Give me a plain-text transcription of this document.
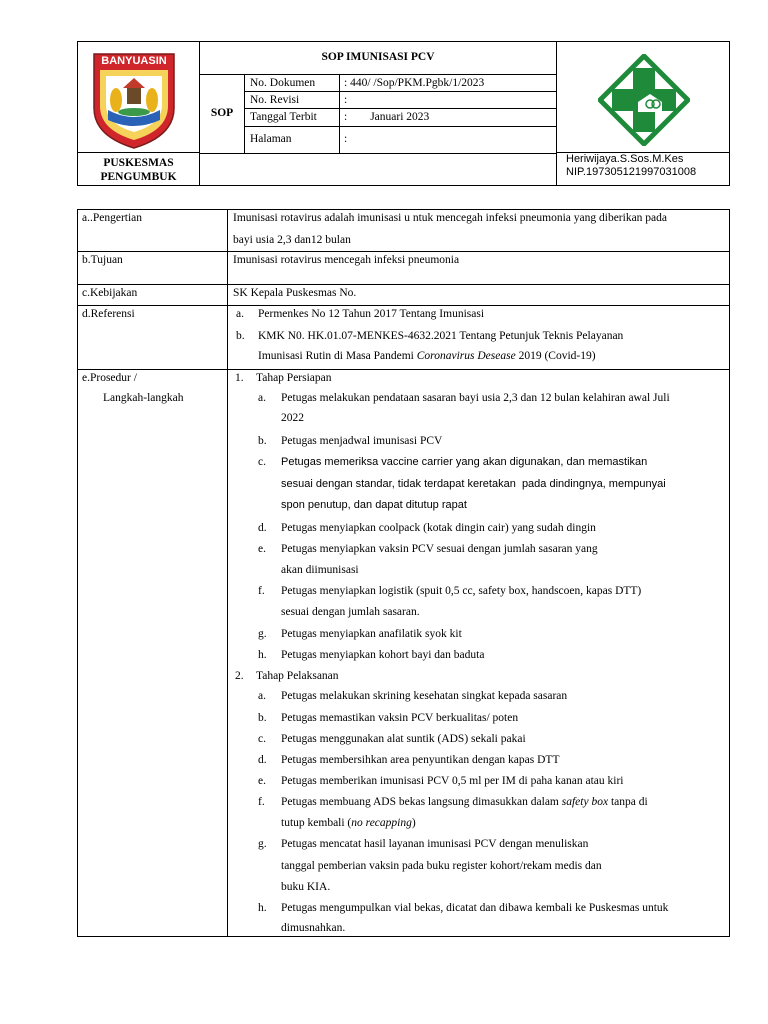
BANYUASIN
PUSKESMAS
PENGUMBUK
SOP IMUNISASI PCV
SOP
No. Dokumen	: 440/ /Sop/PKM.Pgbk/1/2023
No. Revisi	:
Tanggal Terbit :        Januari 2023
Halaman	:
Heriwijaya.S.Sos.M.Kes
NIP.197305121997031008
a..Pengertian	Imunisasi rotavirus adalah imunisasi u ntuk mencegah infeksi pneumonia yang diberikan pada
bayi usia 2,3 dan12 bulan
b.Tujuan	Imunisasi rotavirus mencegah infeksi pneumonia
c.Kebijakan	SK Kepala Puskesmas No.
d.Referensi	a. Permenkes No 12 Tahun 2017 Tentang Imunisasi
b. KMK N0. HK.01.07-MENKES-4632.2021 Tentang Petunjuk Teknis Pelayanan
Imunisasi Rutin di Masa Pandemi Coronavirus Desease 2019 (Covid-19)
e.Prosedur /
Langkah-langkah
1. Tahap Persiapan
a. Petugas melakukan pendataan sasaran bayi usia 2,3 dan 12 bulan kelahiran awal Juli
2022
b. Petugas menjadwal imunisasi PCV
c. Petugas memeriksa vaccine carrier yang akan digunakan, dan memastikan
sesuai dengan standar, tidak terdapat keretakan  pada dindingnya, mempunyai
spon penutup, dan dapat ditutup rapat
d. Petugas menyiapkan coolpack (kotak dingin cair) yang sudah dingin
e. Petugas menyiapkan vaksin PCV sesuai dengan jumlah sasaran yang
akan diimunisasi
f. Petugas menyiapkan logistik (spuit 0,5 cc, safety box, handscoen, kapas DTT)
sesuai dengan jumlah sasaran.
g. Petugas menyiapkan anafilatik syok kit
h. Petugas menyiapkan kohort bayi dan baduta
2. Tahap Pelaksanan
a. Petugas melakukan skrining kesehatan singkat kepada sasaran
b. Petugas memastikan vaksin PCV berkualitas/ poten
c. Petugas menggunakan alat suntik (ADS) sekali pakai
d. Petugas membersihkan area penyuntikan dengan kapas DTT
e. Petugas memberikan imunisasi PCV 0,5 ml per IM di paha kanan atau kiri
f. Petugas membuang ADS bekas langsung dimasukkan dalam safety box tanpa di
tutup kembali (no recapping)
g. Petugas mencatat hasil layanan imunisasi PCV dengan menuliskan
tanggal pemberian vaksin pada buku register kohort/rekam medis dan
buku KIA.
h. Petugas mengumpulkan vial bekas, dicatat dan dibawa kembali ke Puskesmas untuk
dimusnahkan.
